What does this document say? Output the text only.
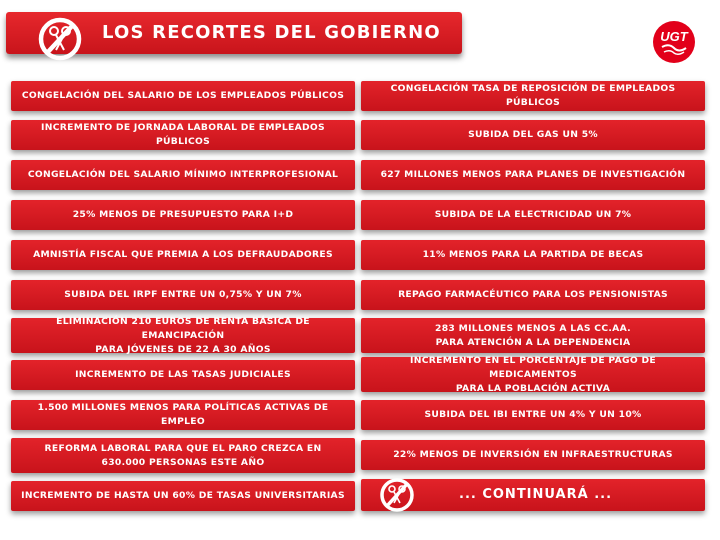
LOS RECORTES DEL GOBIERNO	UGT
CONGELACIÓN DEL SALARIO DE LOS EMPLEADOS PÚBLICOS
INCREMENTO DE JORNADA LABORAL DE EMPLEADOS PÚBLICOS
CONGELACIÓN DEL SALARIO MÍNIMO INTERPROFESIONAL
25% MENOS DE PRESUPUESTO PARA I+D
AMNISTÍA FISCAL QUE PREMIA A LOS DEFRAUDADORES
SUBIDA DEL IRPF ENTRE UN 0,75% Y UN 7%
ELIMINACIÓN 210 EUROS DE RENTA BÁSICA DE EMANCIPACIÓN
PARA JÓVENES DE 22 A 30 AÑOS
INCREMENTO DE LAS TASAS JUDICIALES
1.500 MILLONES MENOS PARA POLÍTICAS ACTIVAS DE EMPLEO
REFORMA LABORAL PARA QUE EL PARO CREZCA EN
630.000 PERSONAS ESTE AÑO
INCREMENTO DE HASTA UN 60% DE TASAS UNIVERSITARIAS
CONGELACIÓN TASA DE REPOSICIÓN DE EMPLEADOS PÚBLICOS
SUBIDA DEL GAS UN 5%
627 MILLONES MENOS PARA PLANES DE INVESTIGACIÓN
SUBIDA DE LA ELECTRICIDAD UN 7%
11% MENOS PARA LA PARTIDA DE BECAS
REPAGO FARMACÉUTICO PARA LOS PENSIONISTAS
283 MILLONES MENOS A LAS CC.AA.
PARA ATENCIÓN A LA DEPENDENCIA
INCREMENTO EN EL PORCENTAJE DE PAGO DE MEDICAMENTOS
PARA LA POBLACIÓN ACTIVA
SUBIDA DEL IBI ENTRE UN 4% Y UN 10%
22% MENOS DE INVERSIÓN EN INFRAESTRUCTURAS
... CONTINUARÁ ...
